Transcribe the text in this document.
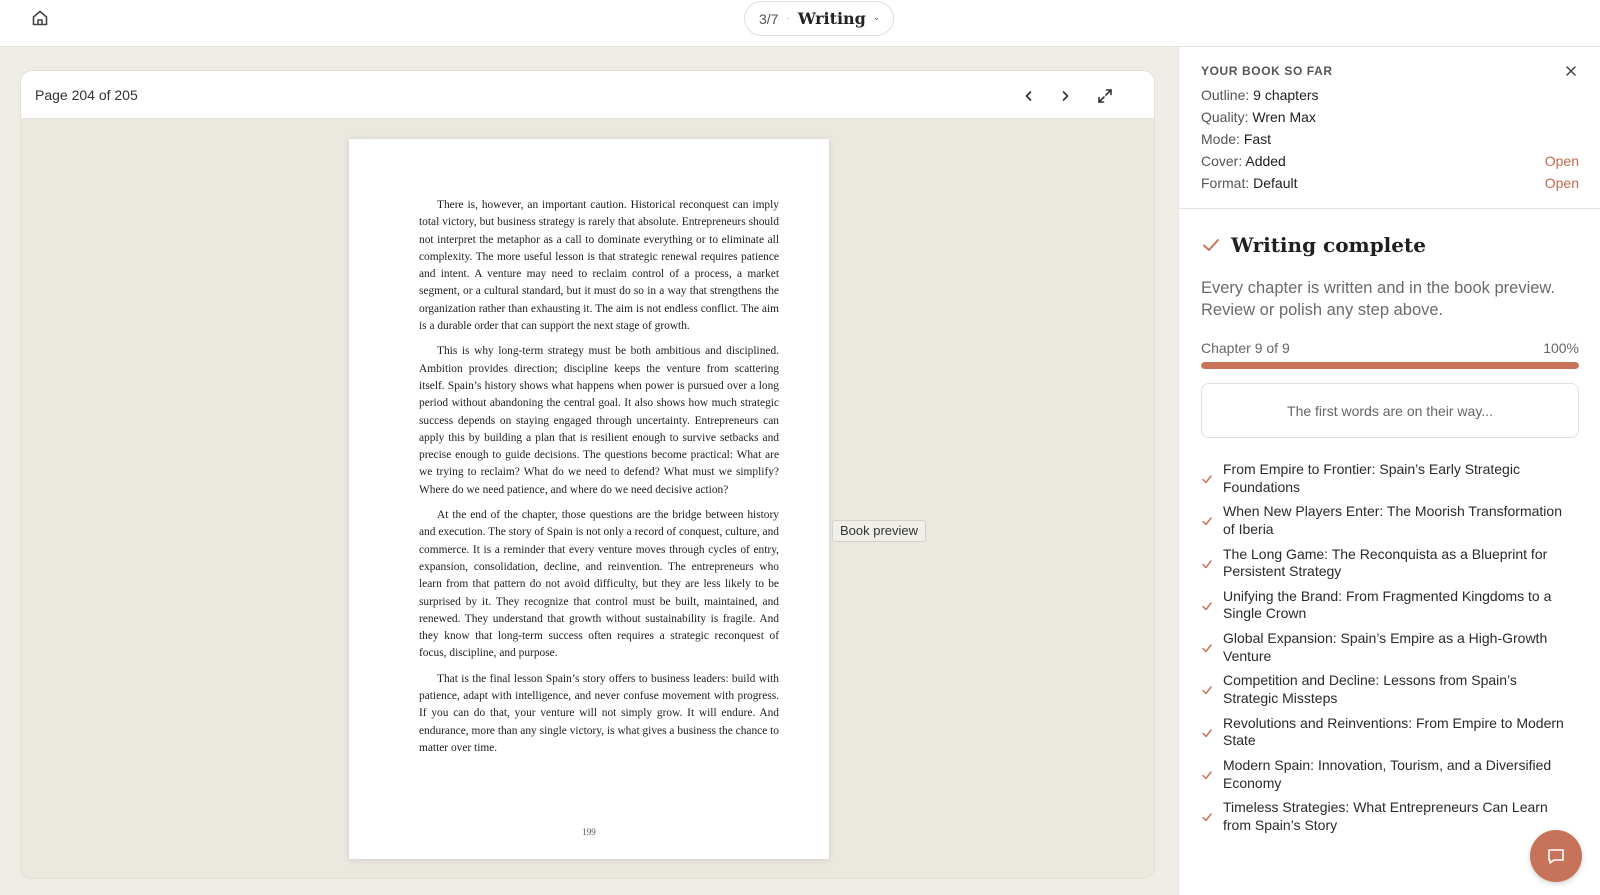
3/7 · Writing
Page 204 of 205

There is, however, an important caution. Historical reconquest can imply total victory, but business strategy is rarely that absolute. Entrepreneurs should not interpret the metaphor as a call to dominate everything or to eliminate all complexity. The more useful lesson is that strategic renewal requires patience and intent. A venture may need to reclaim control of a process, a market segment, or a cultural standard, but it must do so in a way that strengthens the organization rather than exhausting it. The aim is not endless conflict. The aim is a durable order that can support the next stage of growth.

This is why long-term strategy must be both ambitious and disciplined. Ambition provides direction; discipline keeps the venture from scattering itself. Spain’s history shows what happens when power is pursued over a long period without abandoning the central goal. It also shows how much strategic success depends on staying engaged through uncertainty. Entrepreneurs can apply this by building a plan that is resilient enough to survive setbacks and precise enough to guide decisions. The questions become practical: What are we trying to reclaim? What do we need to defend? What must we simplify? Where do we need patience, and where do we need decisive action?

At the end of the chapter, those questions are the bridge between history and execution. The story of Spain is not only a record of conquest, culture, and commerce. It is a reminder that every venture moves through cycles of entry, expansion, consolidation, decline, and reinvention. The entrepreneurs who learn from that pattern do not avoid difficulty, but they are less likely to be surprised by it. They recognize that control must be built, maintained, and renewed. They understand that growth without sustainability is fragile. And they know that long-term success often requires a strategic reconquest of focus, discipline, and purpose.

That is the final lesson Spain’s story offers to business leaders: build with patience, adapt with intelligence, and never confuse movement with progress. If you can do that, your venture will not simply grow. It will endure. And endurance, more than any single victory, is what gives a business the chance to matter over time.

199
Book preview
YOUR BOOK SO FAR
Outline: 9 chapters
Quality: Wren Max
Mode: Fast
Cover: Added	Open
Format: Default	Open
Writing complete
Every chapter is written and in the book preview. Review or polish any step above.
Chapter 9 of 9	100%
The first words are on their way...
From Empire to Frontier: Spain’s Early Strategic Foundations
When New Players Enter: The Moorish Transformation of Iberia
The Long Game: The Reconquista as a Blueprint for Persistent Strategy
Unifying the Brand: From Fragmented Kingdoms to a Single Crown
Global Expansion: Spain’s Empire as a High-Growth Venture
Competition and Decline: Lessons from Spain’s Strategic Missteps
Revolutions and Reinventions: From Empire to Modern State
Modern Spain: Innovation, Tourism, and a Diversified Economy
Timeless Strategies: What Entrepreneurs Can Learn from Spain’s Story
